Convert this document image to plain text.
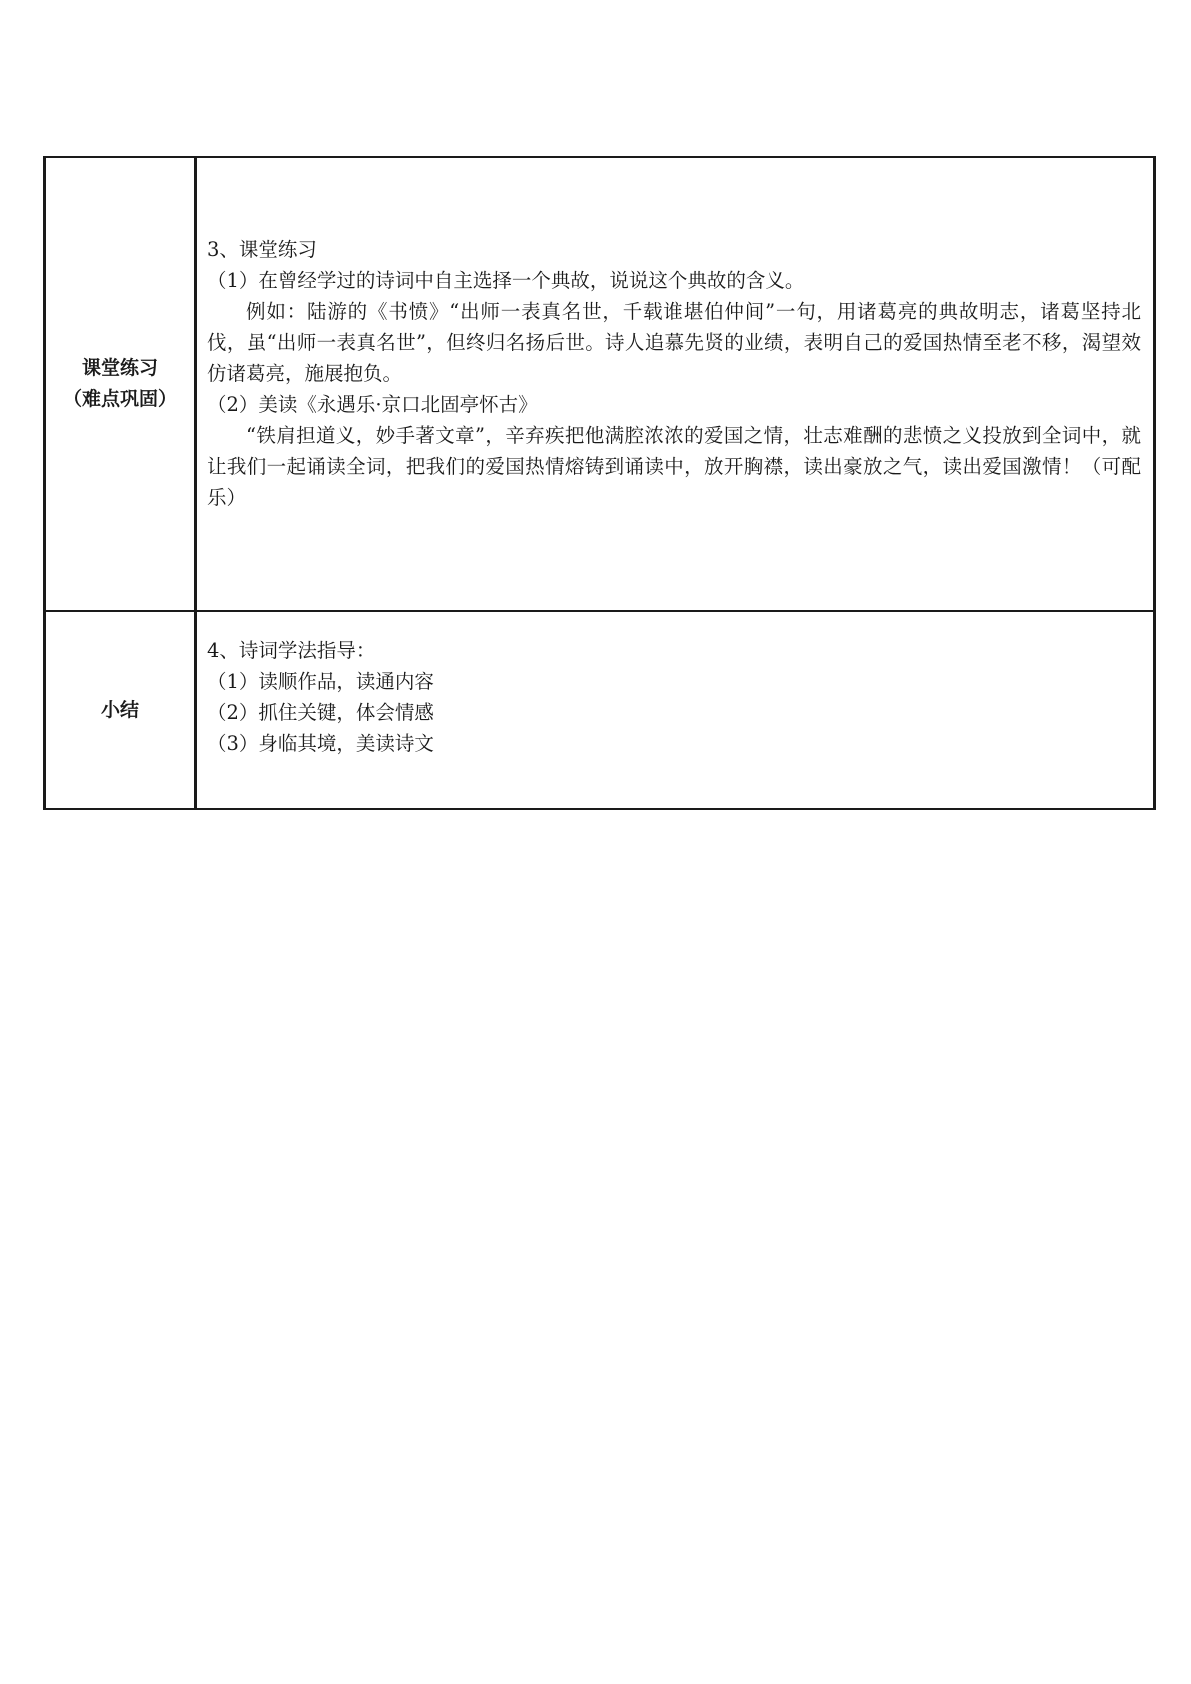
课堂练习
（难点巩固）	3、课堂练习
（1）在曾经学过的诗词中自主选择一个典故，说说这个典故的含义。
例如：陆游的《书愤》“出师一表真名世，千载谁堪伯仲间”一句，用诸葛亮的典故明志，诸葛坚持北伐，虽“出师一表真名世”，但终归名扬后世。诗人追慕先贤的业绩，表明自己的爱国热情至老不移，渴望效仿诸葛亮，施展抱负。
（2）美读《永遇乐·京口北固亭怀古》
“铁肩担道义，妙手著文章”，辛弃疾把他满腔浓浓的爱国之情，壮志难酬的悲愤之义投放到全词中，就让我们一起诵读全词，把我们的爱国热情熔铸到诵读中，放开胸襟，读出豪放之气，读出爱国激情！（可配乐）

小结	4、诗词学法指导：
（1）读顺作品，读通内容
（2）抓住关键，体会情感
（3）身临其境，美读诗文
